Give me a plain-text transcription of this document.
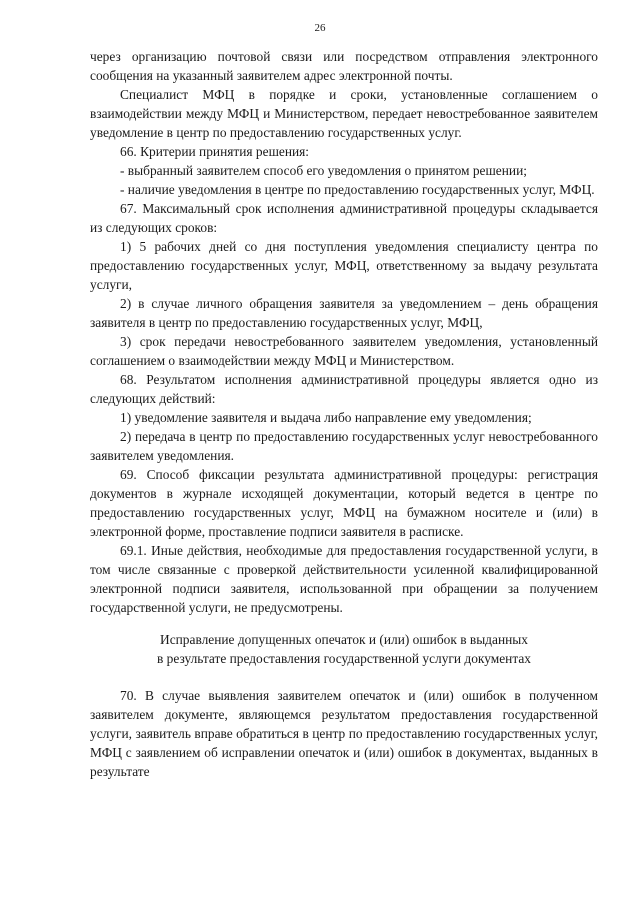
26

через организацию почтовой связи или посредством отправления электронного сообщения на указанный заявителем адрес электронной почты.

Специалист МФЦ в порядке и сроки, установленные соглашением о взаимодействии между МФЦ и Министерством, передает невостребованное заявителем уведомление в центр по предоставлению государственных услуг.

66. Критерии принятия решения:

- выбранный заявителем способ его уведомления о принятом решении;

- наличие уведомления в центре по предоставлению государственных услуг, МФЦ.

67. Максимальный срок исполнения административной процедуры складывается из следующих сроков:

1) 5 рабочих дней со дня поступления уведомления специалисту центра по предоставлению государственных услуг, МФЦ, ответственному за выдачу результата услуги,

2) в случае личного обращения заявителя за уведомлением – день обращения заявителя в центр по предоставлению государственных услуг, МФЦ,

3) срок передачи невостребованного заявителем уведомления, установленный соглашением о взаимодействии между МФЦ и Министерством.

68. Результатом исполнения административной процедуры является одно из следующих действий:

1) уведомление заявителя и выдача либо направление ему уведомления;

2) передача в центр по предоставлению государственных услуг невостребованного заявителем уведомления.

69. Способ фиксации результата административной процедуры: регистрация документов в журнале исходящей документации, который ведется в центре по предоставлению государственных услуг, МФЦ на бумажном носителе и (или) в электронной форме, проставление подписи заявителя в расписке.

69.1. Иные действия, необходимые для предоставления государственной услуги, в том числе связанные с проверкой действительности усиленной квалифицированной электронной подписи заявителя, использованной при обращении за получением государственной услуги, не предусмотрены.

Исправление допущенных опечаток и (или) ошибок в выданных
в результате предоставления государственной услуги документах

70. В случае выявления заявителем опечаток и (или) ошибок в полученном заявителем документе, являющемся результатом предоставления государственной услуги, заявитель вправе обратиться в центр по предоставлению государственных услуг, МФЦ с заявлением об исправлении опечаток и (или) ошибок в документах, выданных в результате
